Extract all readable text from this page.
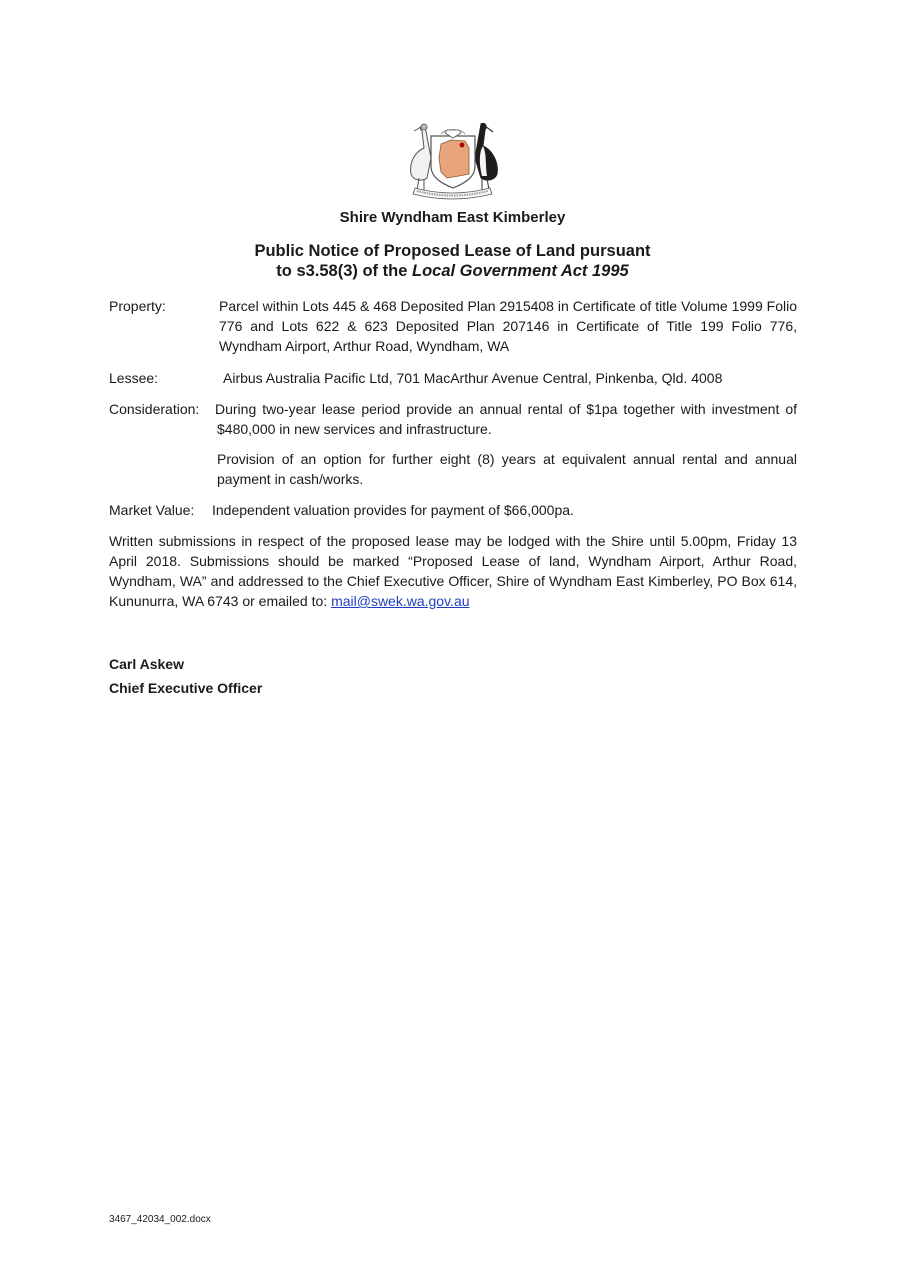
Shire Wyndham East Kimberley
Public Notice of Proposed Lease of Land pursuant
to s3.58(3) of the Local Government Act 1995
Property:	Parcel within Lots 445 & 468 Deposited Plan 2915408 in Certificate of title Volume 1999 Folio 776 and Lots 622 & 623 Deposited Plan 207146 in Certificate of Title 199 Folio 776, Wyndham Airport, Arthur Road, Wyndham, WA
Lessee:	Airbus Australia Pacific Ltd, 701 MacArthur Avenue Central, Pinkenba, Qld. 4008
Consideration: During two-year lease period provide an annual rental of $1pa together with investment of $480,000 in new services and infrastructure.
Provision of an option for further eight (8) years at equivalent annual rental and annual payment in cash/works.
Market Value: Independent valuation provides for payment of $66,000pa.
Written submissions in respect of the proposed lease may be lodged with the Shire until 5.00pm, Friday 13 April 2018. Submissions should be marked “Proposed Lease of land, Wyndham Airport, Arthur Road, Wyndham, WA” and addressed to the Chief Executive Officer, Shire of Wyndham East Kimberley, PO Box 614, Kununurra, WA 6743 or emailed to: mail@swek.wa.gov.au
Carl Askew
Chief Executive Officer
3467_42034_002.docx
